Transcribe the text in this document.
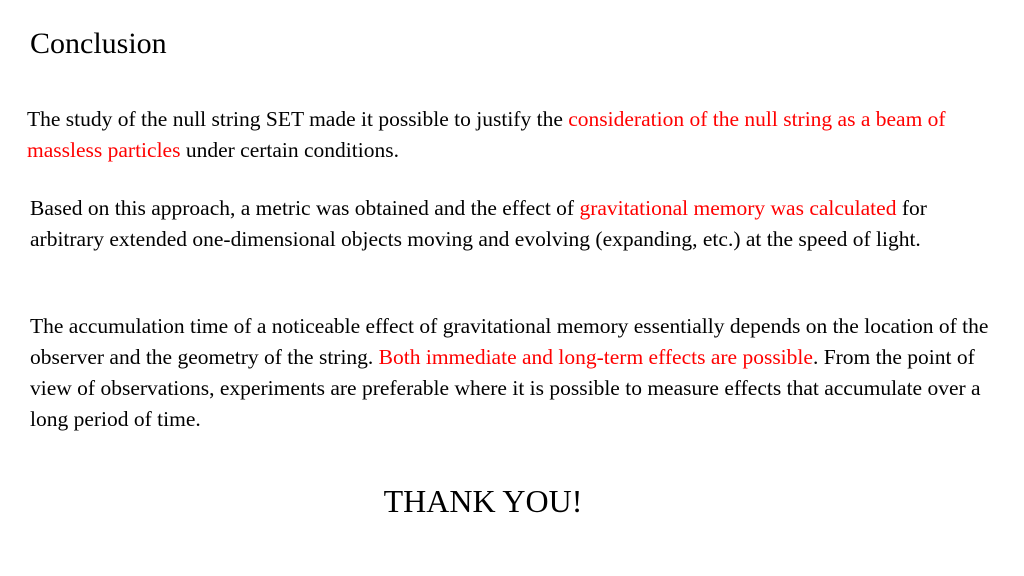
Conclusion

The study of the null string SET made it possible to justify the consideration of the null string as a beam of massless particles under certain conditions.

Based on this approach, a metric was obtained and the effect of gravitational memory was calculated for arbitrary extended one-dimensional objects moving and evolving (expanding, etc.) at the speed of light.

The accumulation time of a noticeable effect of gravitational memory essentially depends on the location of the observer and the geometry of the string. Both immediate and long-term effects are possible. From the point of view of observations, experiments are preferable where it is possible to measure effects that accumulate over a long period of time.

THANK YOU!
